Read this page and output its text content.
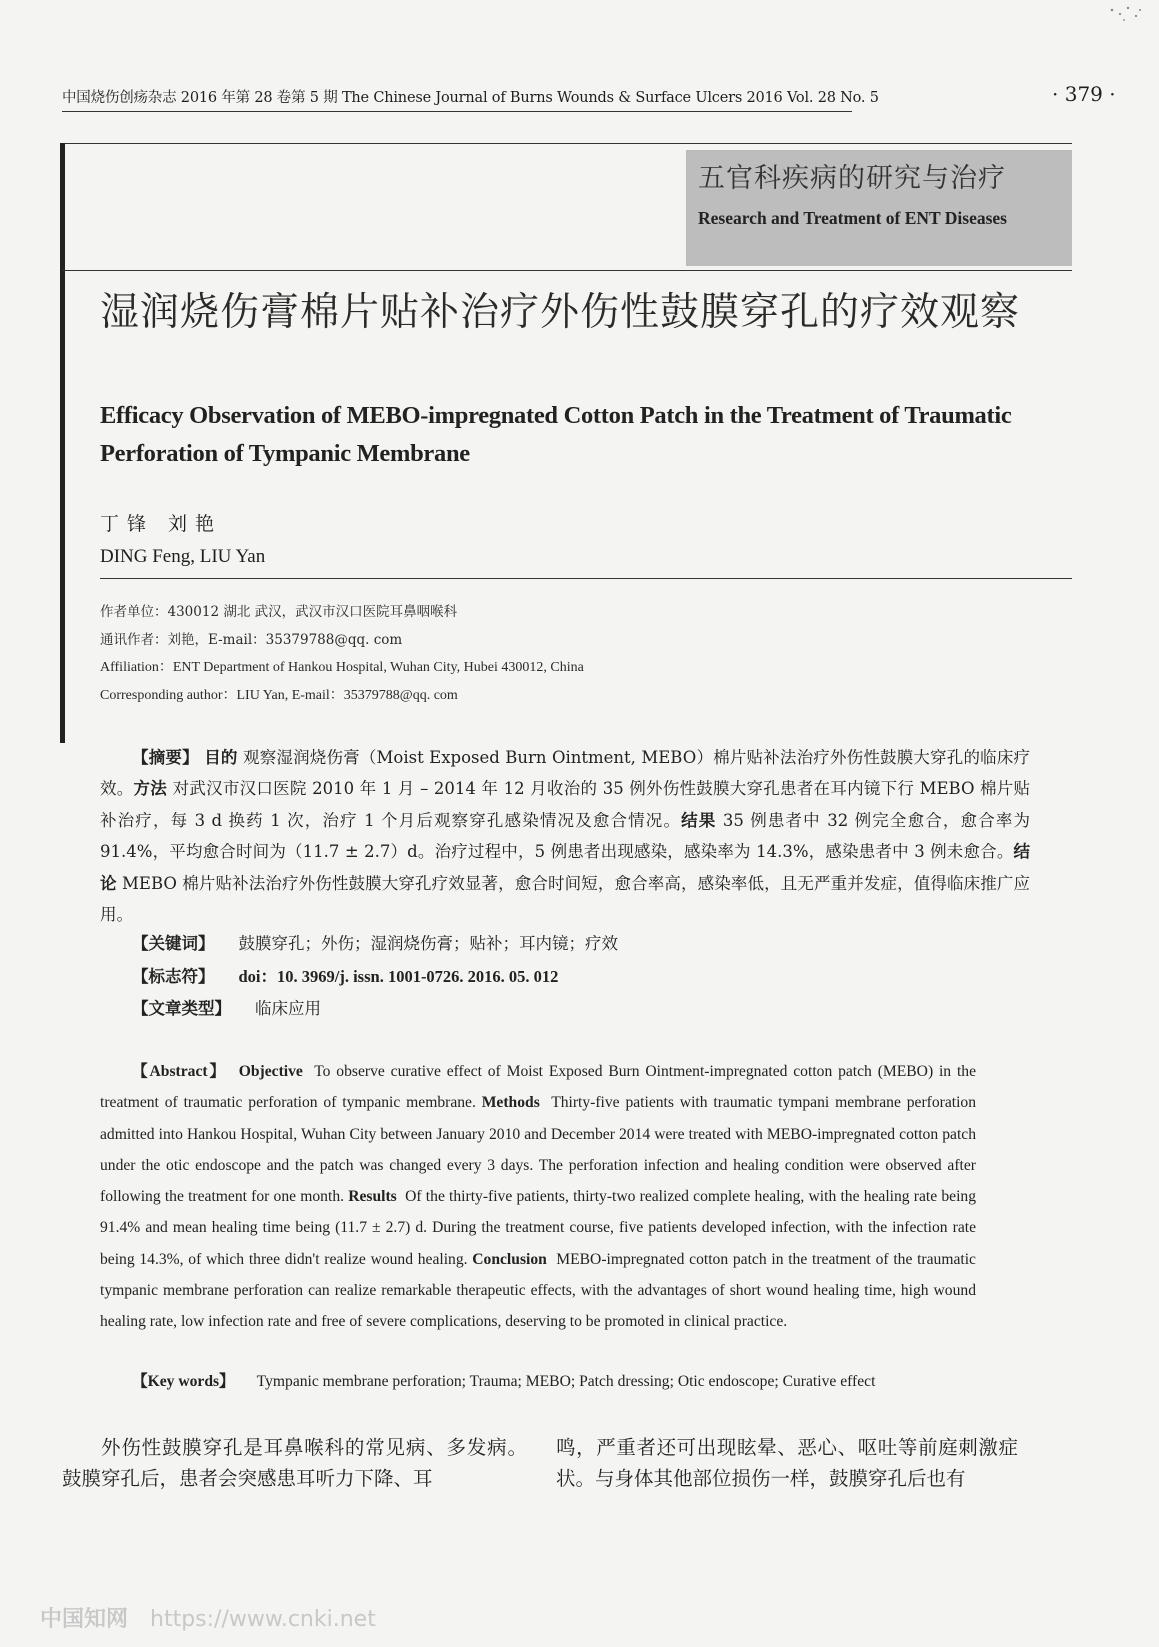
中国烧伤创疡杂志 2016 年第 28 卷第 5 期 The Chinese Journal of Burns Wounds & Surface Ulcers 2016 Vol. 28 No. 5	· 379 ·
五官科疾病的研究与治疗
Research and Treatment of ENT Diseases
湿润烧伤膏棉片贴补治疗外伤性鼓膜穿孔的疗效观察
Efficacy Observation of MEBO-impregnated Cotton Patch in the Treatment of Traumatic Perforation of Tympanic Membrane
丁锋 刘艳
DING Feng, LIU Yan
作者单位：430012 湖北 武汉，武汉市汉口医院耳鼻咽喉科
通讯作者：刘艳，E-mail：35379788@qq. com
Affiliation：ENT Department of Hankou Hospital, Wuhan City, Hubei 430012, China
Corresponding author：LIU Yan, E-mail：35379788@qq. com

【摘要】 目的 观察湿润烧伤膏（Moist Exposed Burn Ointment, MEBO）棉片贴补法治疗外伤性鼓膜大穿孔的临床疗效。方法 对武汉市汉口医院 2010 年 1 月 – 2014 年 12 月收治的 35 例外伤性鼓膜大穿孔患者在耳内镜下行 MEBO 棉片贴补治疗，每 3 d 换药 1 次，治疗 1 个月后观察穿孔感染情况及愈合情况。结果 35 例患者中 32 例完全愈合，愈合率为 91.4%，平均愈合时间为（11.7 ± 2.7）d。治疗过程中，5 例患者出现感染，感染率为 14.3%，感染患者中 3 例未愈合。结论 MEBO 棉片贴补法治疗外伤性鼓膜大穿孔疗效显著，愈合时间短，愈合率高，感染率低，且无严重并发症，值得临床推广应用。

【关键词】 鼓膜穿孔；外伤；湿润烧伤膏；贴补；耳内镜；疗效
【标志符】 doi：10. 3969/j. issn. 1001-0726. 2016. 05. 012
【文章类型】 临床应用

【Abstract】 Objective To observe curative effect of Moist Exposed Burn Ointment-impregnated cotton patch (MEBO) in the treatment of traumatic perforation of tympanic membrane. Methods Thirty-five patients with traumatic tympani membrane perforation admitted into Hankou Hospital, Wuhan City between January 2010 and December 2014 were treated with MEBO-impregnated cotton patch under the otic endoscope and the patch was changed every 3 days. The perforation infection and healing condition were observed after following the treatment for one month. Results Of the thirty-five patients, thirty-two realized complete healing, with the healing rate being 91.4% and mean healing time being (11.7 ± 2.7) d. During the treatment course, five patients developed infection, with the infection rate being 14.3%, of which three didn't realize wound healing. Conclusion MEBO-impregnated cotton patch in the treatment of the traumatic tympanic membrane perforation can realize remarkable therapeutic effects, with the advantages of short wound healing time, high wound healing rate, low infection rate and free of severe complications, deserving to be promoted in clinical practice.

【Key words】 Tympanic membrane perforation; Trauma; MEBO; Patch dressing; Otic endoscope; Curative effect

外伤性鼓膜穿孔是耳鼻喉科的常见病、多发病。鼓膜穿孔后，患者会突感患耳听力下降、耳

鸣，严重者还可出现眩晕、恶心、呕吐等前庭刺激症状。与身体其他部位损伤一样，鼓膜穿孔后也有

中国知网 https://www.cnki.net
